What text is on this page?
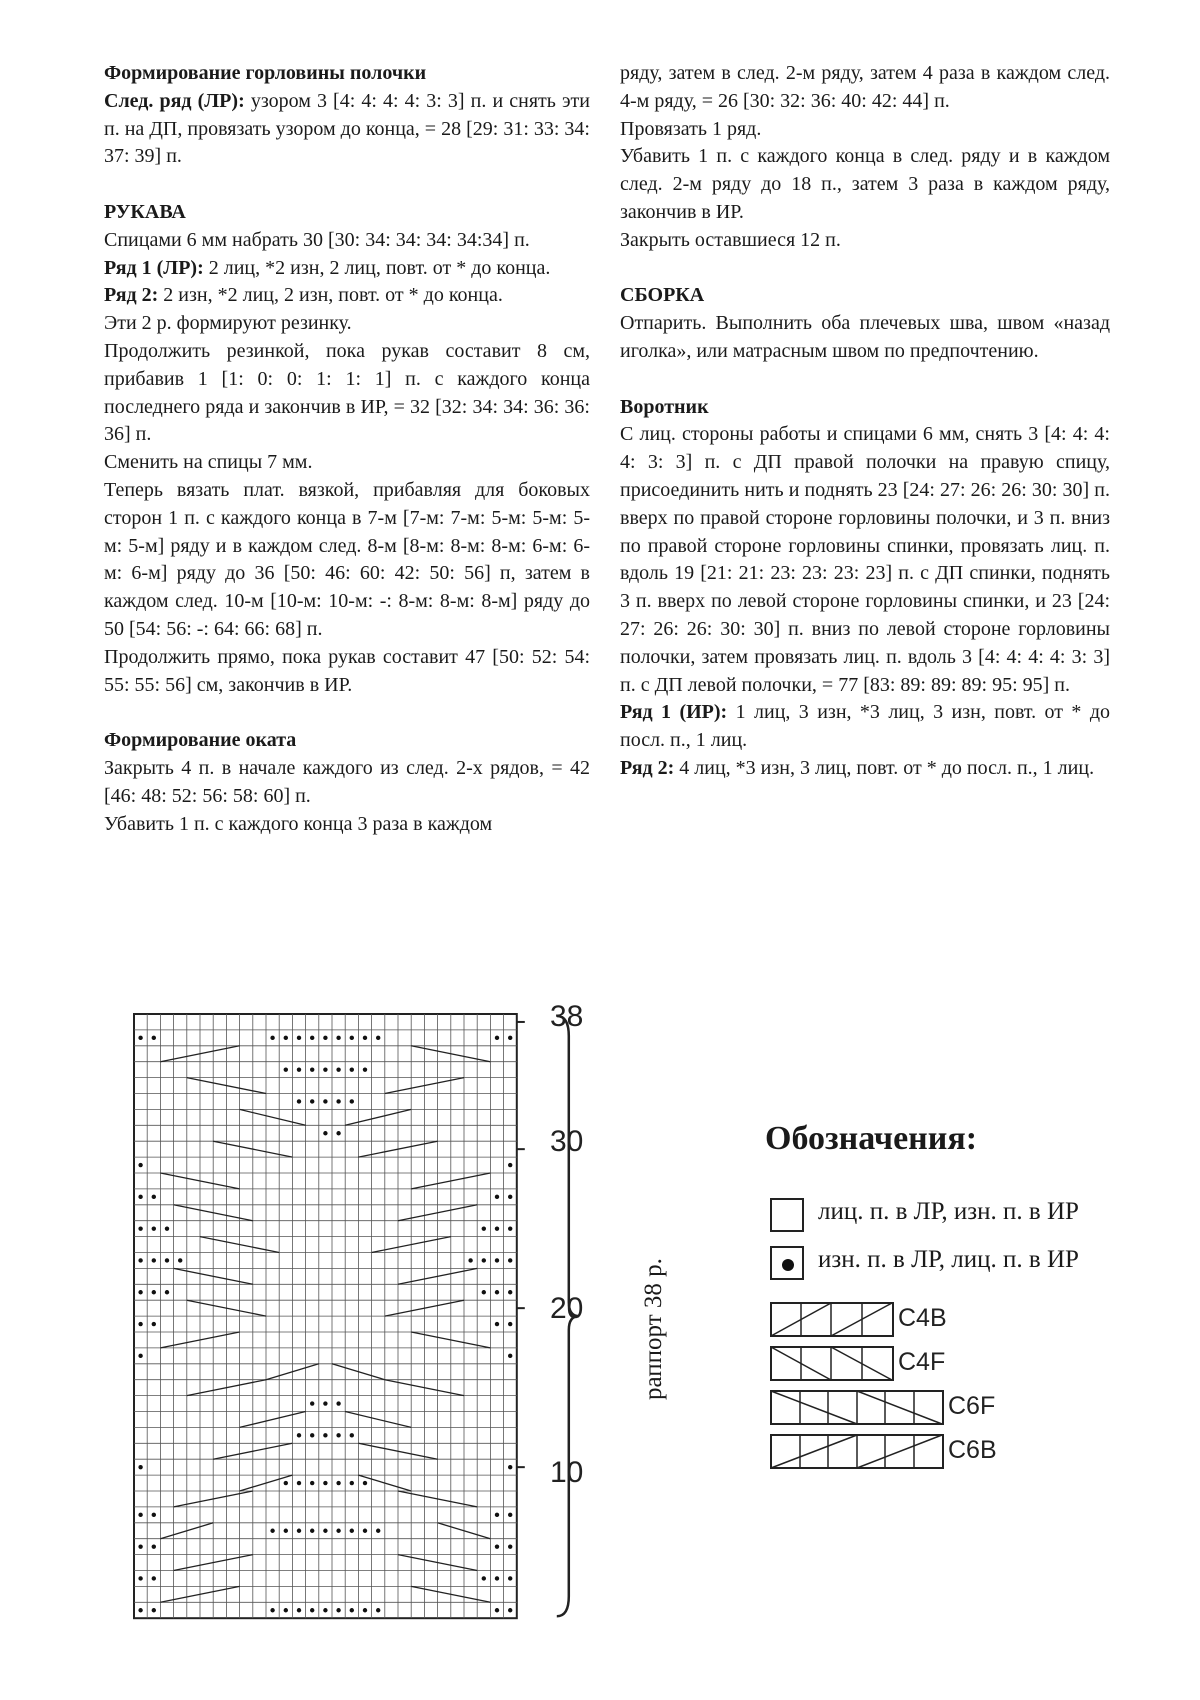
Формирование горловины полочки

След. ряд (ЛР): узором 3 [4: 4: 4: 4: 3: 3] п. и снять эти п. на ДП, провязать узором до конца, = 28 [29: 31: 33: 34: 37: 39] п.

РУКАВА

Спицами 6 мм набрать 30 [30: 34: 34: 34: 34:34] п.

Ряд 1 (ЛР): 2 лиц, *2 изн, 2 лиц, повт. от * до конца.

Ряд 2: 2 изн, *2 лиц, 2 изн, повт. от * до конца.

Эти 2 р. формируют резинку.

Продолжить резинкой, пока рукав составит 8 см, прибавив 1 [1: 0: 0: 1: 1: 1] п. с каждого конца последнего ряда и закончив в ИР, = 32 [32: 34: 34: 36: 36: 36] п.

Сменить на спицы 7 мм.

Теперь вязать плат. вязкой, прибавляя для боковых сторон 1 п. с каждого конца в 7-м [7-м: 7-м: 5-м: 5-м: 5-м: 5-м] ряду и в каждом след. 8-м [8-м: 8-м: 8-м: 6-м: 6-м: 6-м] ряду до 36 [50: 46: 60: 42: 50: 56] п, затем в каждом след. 10-м [10-м: 10-м: -: 8-м: 8-м: 8-м] ряду до 50 [54: 56: -: 64: 66: 68] п.

Продолжить прямо, пока рукав составит 47 [50: 52: 54: 55: 55: 56] см, закончив в ИР.

Формирование оката

Закрыть 4 п. в начале каждого из след. 2-х рядов, = 42 [46: 48: 52: 56: 58: 60] п.

Убавить 1 п. с каждого конца 3 раза в каждом

ряду, затем в след. 2-м ряду, затем 4 раза в каждом след. 4-м ряду, = 26 [30: 32: 36: 40: 42: 44] п.

Провязать 1 ряд.

Убавить 1 п. с каждого конца в след. ряду и в каждом след. 2-м ряду до 18 п., затем 3 раза в каждом ряду, закончив в ИР.

Закрыть оставшиеся 12 п.

СБОРКА

Отпарить. Выполнить оба плечевых шва, швом «назад иголка», или матрасным швом по предпочтению.

Воротник

С лиц. стороны работы и спицами 6 мм, снять 3 [4: 4: 4: 4: 3: 3] п. с ДП правой полочки на правую спицу, присоединить нить и поднять 23 [24: 27: 26: 26: 30: 30] п. вверх по правой стороне горловины полочки, и 3 п. вниз по правой стороне горловины спинки, провязать лиц. п. вдоль 19 [21: 21: 23: 23: 23: 23] п. с ДП спинки, поднять 3 п. вверх по левой стороне горловины спинки, и 23 [24: 27: 26: 26: 30: 30] п. вниз по левой стороне горловины полочки, затем провязать лиц. п. вдоль 3 [4: 4: 4: 4: 3: 3] п. с ДП левой полочки, = 77 [83: 89: 89: 89: 95: 95] п.

Ряд 1 (ИР): 1 лиц, 3 изн, *3 лиц, 3 изн, повт. от * до посл. п., 1 лиц.

Ряд 2: 4 лиц, *3 изн, 3 лиц, повт. от * до посл. п., 1 лиц.

38
30
20
10
раппорт 38 р.
Обозначения:
лиц. п. в ЛР, изн. п. в ИР
изн. п. в ЛР, лиц. п. в ИР
C4B
C4F
C6F
C6B
